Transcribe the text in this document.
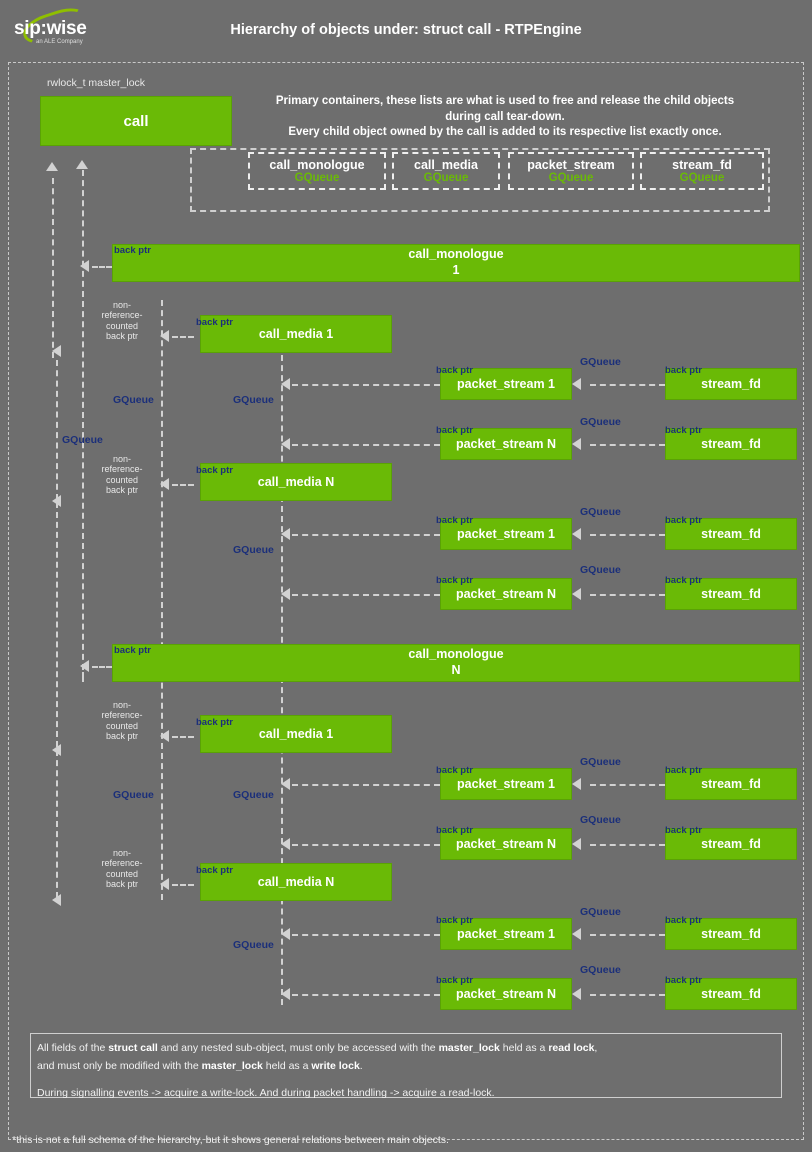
sip:wise
an ALE Company
Hierarchy of objects under: struct call - RTPEngine
rwlock_t master_lock
call
Primary containers, these lists are what is used to free and release the child objects
during call tear-down.
Every child object owned by the call is added to its respective list exactly once.
call_monologue
GQueue
call_media
GQueue
packet_stream
GQueue
stream_fd
GQueue
call_monologue
1
back ptr
call_media 1
back ptr
call_media N
back ptr
packet_stream 1
back ptr
GQueue
stream_fd
back ptr
packet_stream N
back ptr
GQueue
stream_fd
back ptr
packet_stream 1
back ptr
GQueue
stream_fd
back ptr
packet_stream N
back ptr
GQueue
stream_fd
back ptr
call_monologue
N
back ptr
call_media 1
back ptr
call_media N
back ptr
packet_stream 1
back ptr
GQueue
stream_fd
back ptr
packet_stream N
back ptr
GQueue
stream_fd
back ptr
packet_stream 1
back ptr
GQueue
stream_fd
back ptr
packet_stream N
back ptr
GQueue
stream_fd
back ptr
GQueue
GQueue	GQueue
GQueue
GQueue	GQueue
GQueue
non-
reference-
counted
back ptr
non-
reference-
counted
back ptr
non-
reference-
counted
back ptr
non-
reference-
counted
back ptr
All fields of the struct call and any nested sub-object, must only be accessed with the master_lock held as a read lock,
and must only be modified with the master_lock held as a write lock.
During signalling events -> acquire a write-lock. And during packet handling -> acquire a read-lock.
*this is not a full schema of the hierarchy, but it shows general relations between main objects.
